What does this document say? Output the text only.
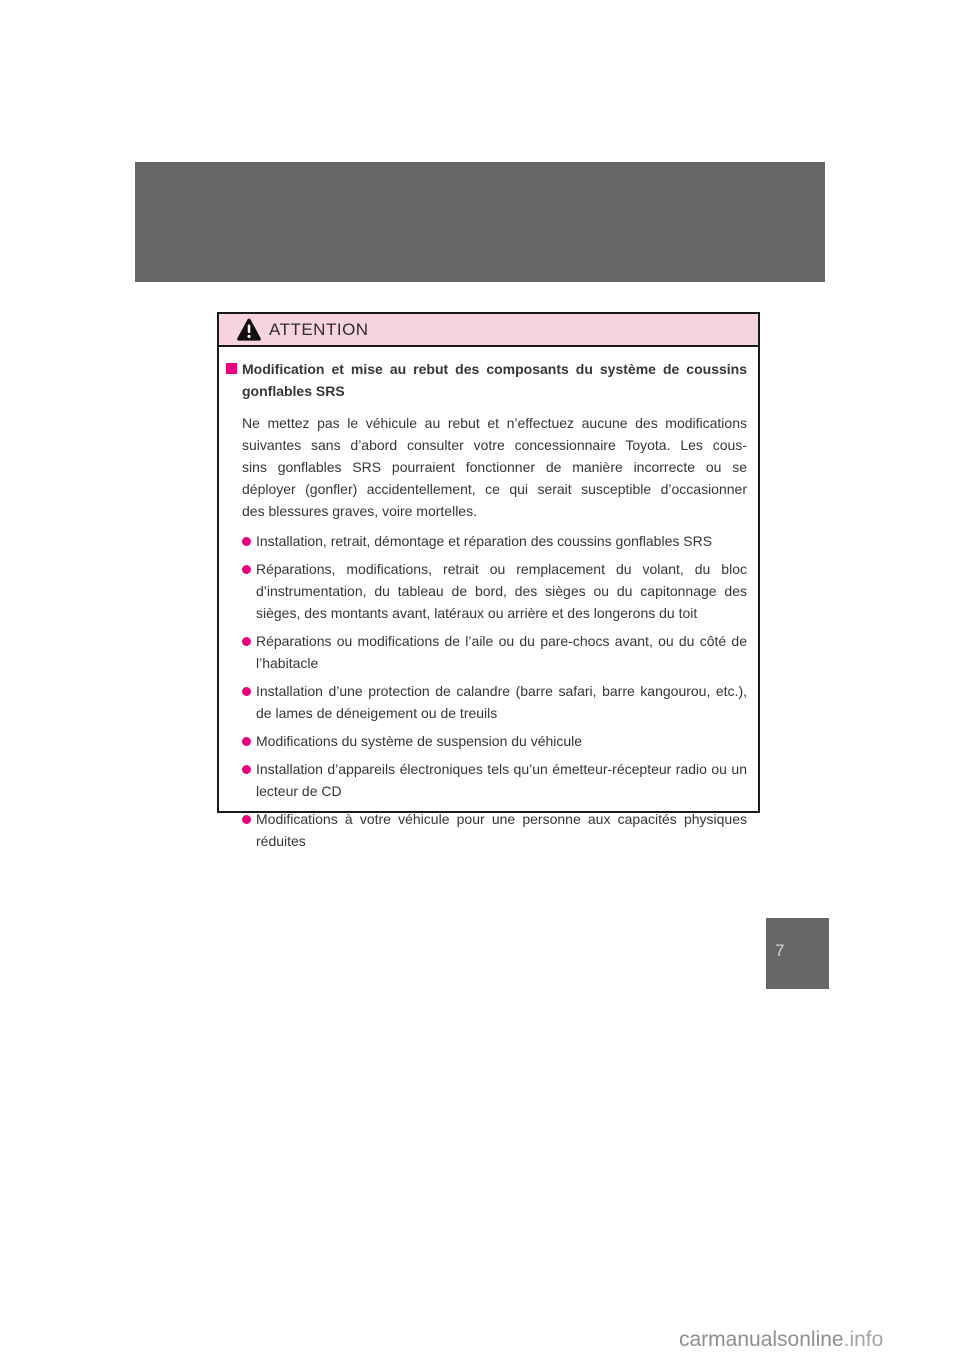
ATTENTION
Modification et mise au rebut des composants du système de coussins gonflables SRS
Ne mettez pas le véhicule au rebut et n’effectuez aucune des modifications
suivantes sans d’abord consulter votre concessionnaire Toyota. Les cous-
sins gonflables SRS pourraient fonctionner de manière incorrecte ou se
déployer (gonfler) accidentellement, ce qui serait susceptible d’occasionner
des blessures graves, voire mortelles.
Installation, retrait, démontage et réparation des coussins gonflables SRS
Réparations, modifications, retrait ou remplacement du volant, du bloc d’instrumentation, du tableau de bord, des sièges ou du capitonnage des sièges, des montants avant, latéraux ou arrière et des longerons du toit
Réparations ou modifications de l’aile ou du pare-chocs avant, ou du côté de l’habitacle
Installation d’une protection de calandre (barre safari, barre kangourou, etc.), de lames de déneigement ou de treuils
Modifications du système de suspension du véhicule
Installation d’appareils électroniques tels qu’un émetteur-récepteur radio ou un lecteur de CD
Modifications à votre véhicule pour une personne aux capacités physiques réduites
7
carmanualsonline.info
